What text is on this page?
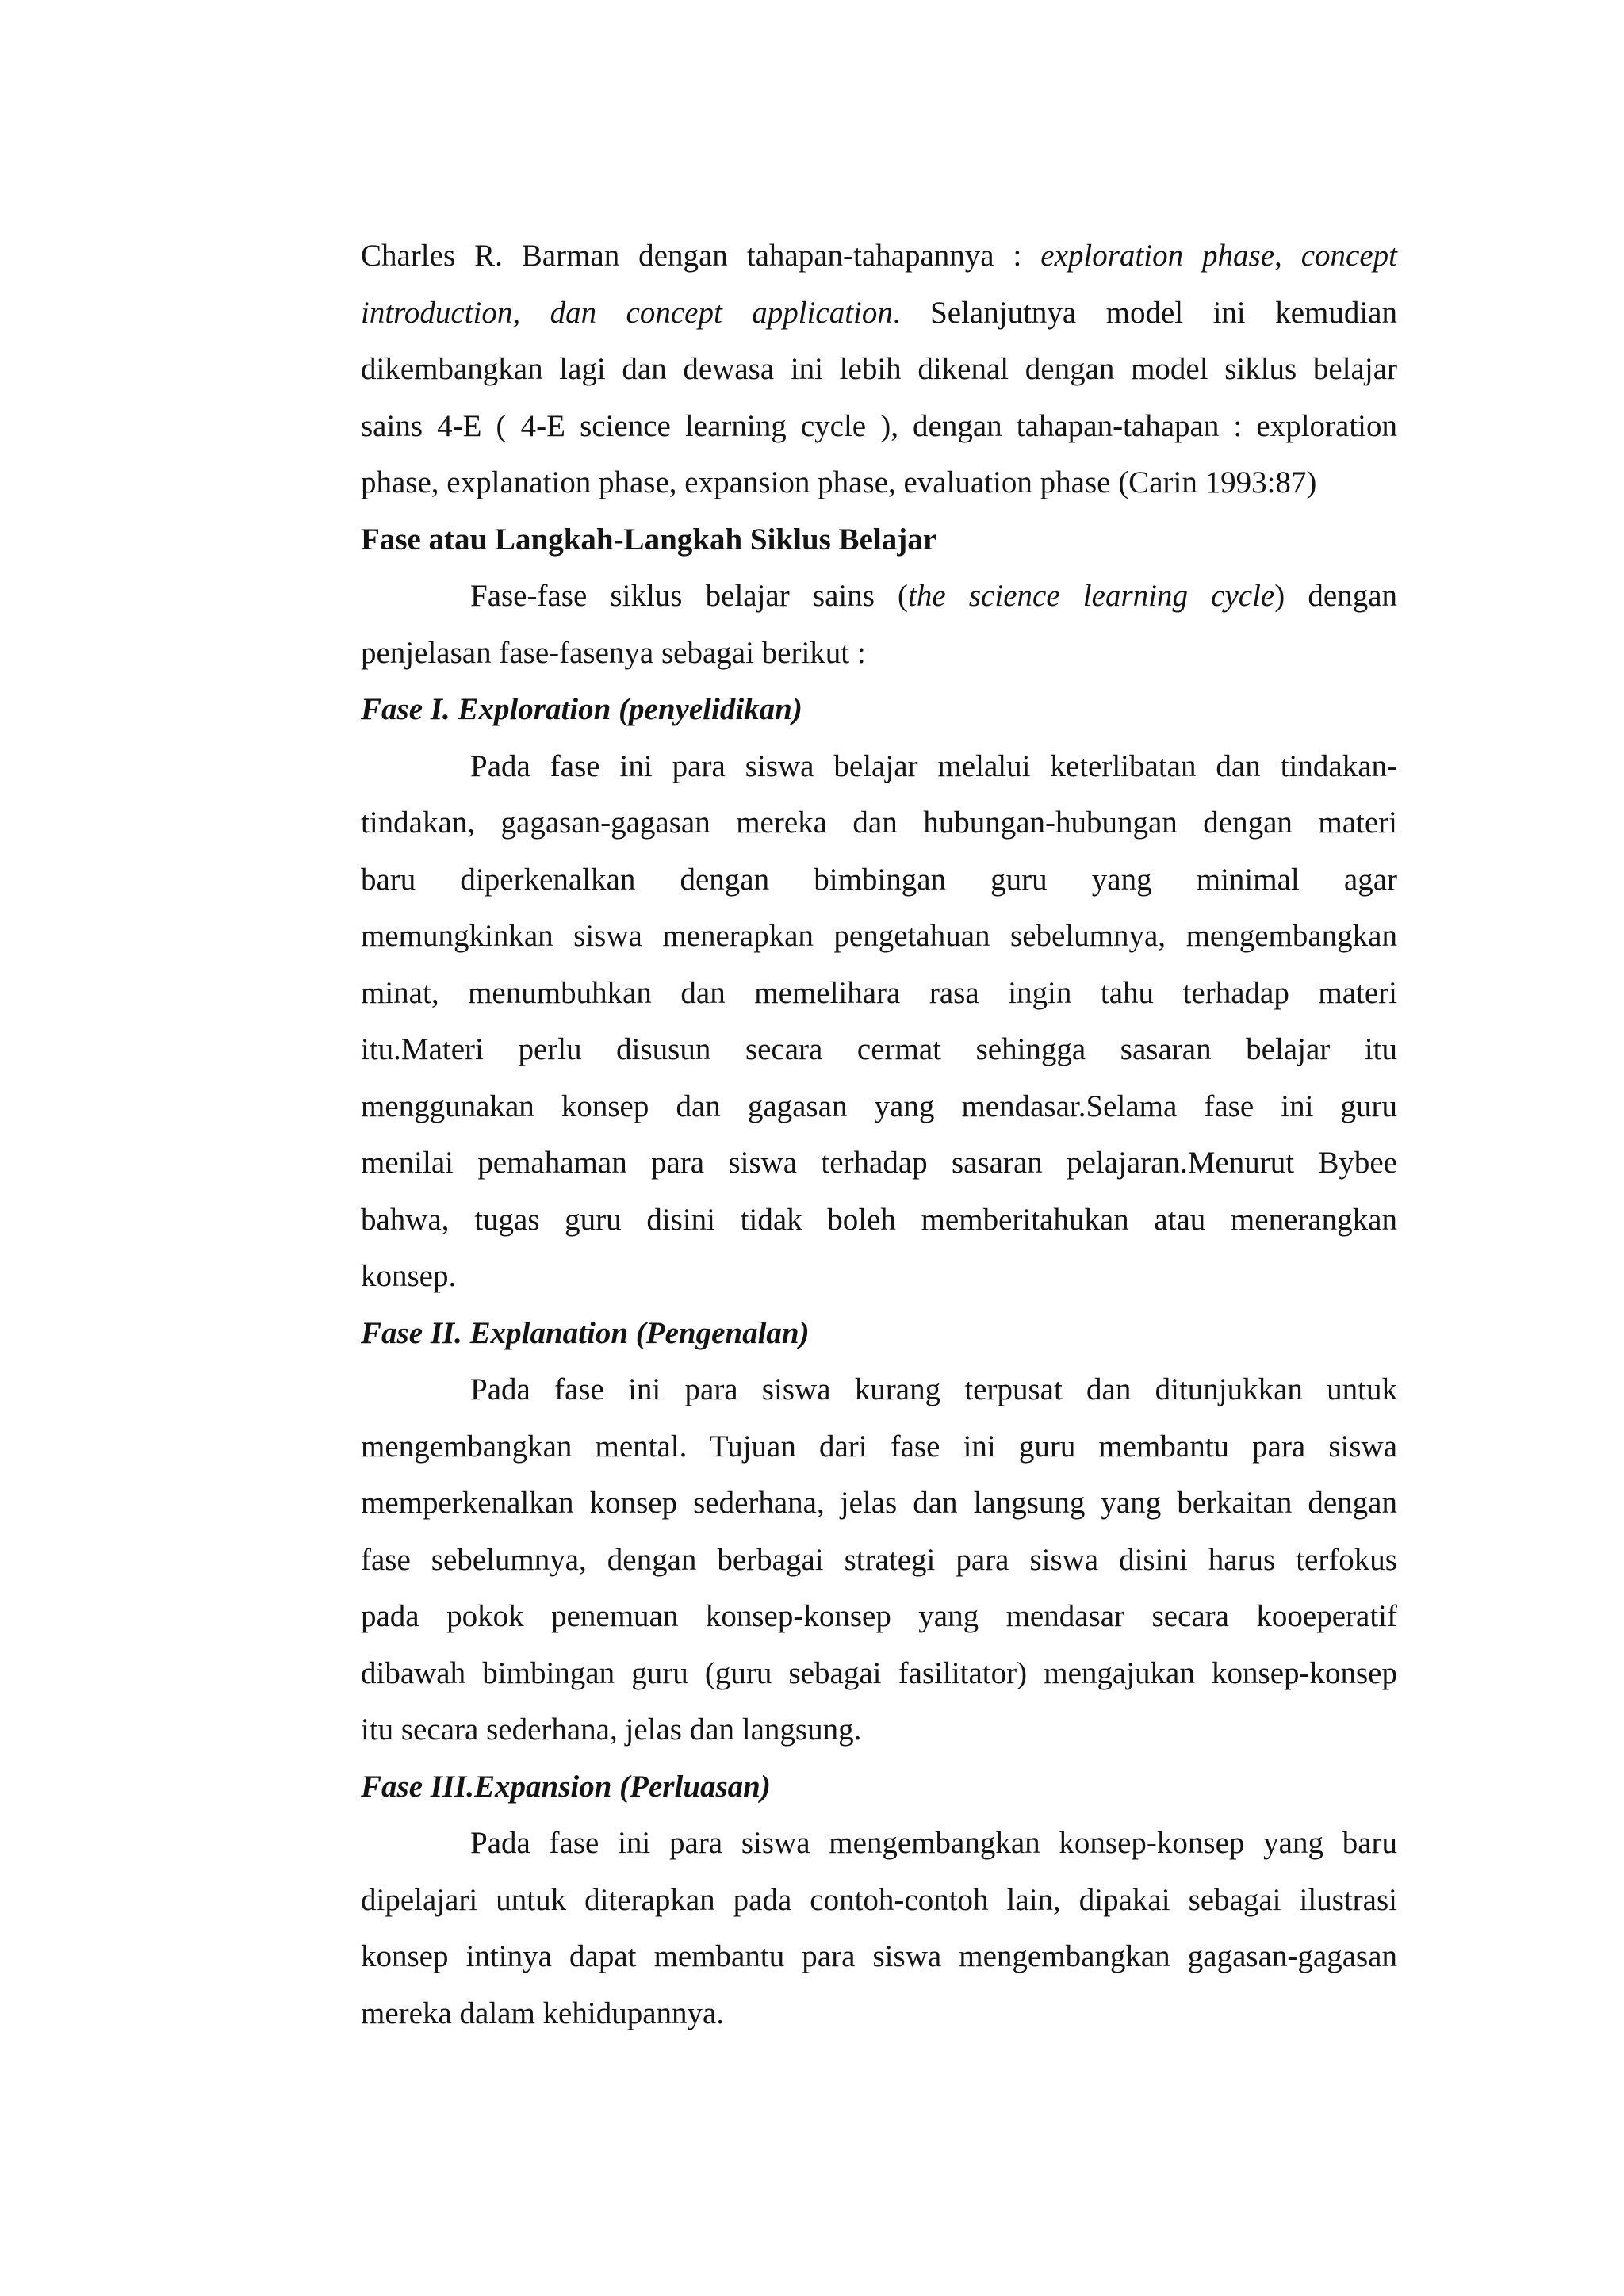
Charles R. Barman dengan tahapan-tahapannya : exploration phase, concept

introduction, dan concept application. Selanjutnya model ini kemudian

dikembangkan lagi dan dewasa ini lebih dikenal dengan model siklus belajar

sains 4-E ( 4-E science learning cycle ), dengan tahapan-tahapan : exploration

phase, explanation phase, expansion phase, evaluation phase (Carin 1993:87)

Fase atau Langkah-Langkah Siklus Belajar

Fase-fase siklus belajar sains (the science learning cycle) dengan

penjelasan fase-fasenya sebagai berikut :

Fase I. Exploration (penyelidikan)

Pada fase ini para siswa belajar melalui keterlibatan dan tindakan-

tindakan, gagasan-gagasan mereka dan hubungan-hubungan dengan materi

baru diperkenalkan dengan bimbingan guru yang minimal agar

memungkinkan siswa menerapkan pengetahuan sebelumnya, mengembangkan

minat, menumbuhkan dan memelihara rasa ingin tahu terhadap materi

itu.Materi perlu disusun secara cermat sehingga sasaran belajar itu

menggunakan konsep dan gagasan yang mendasar.Selama fase ini guru

menilai pemahaman para siswa terhadap sasaran pelajaran.Menurut Bybee

bahwa, tugas guru disini tidak boleh memberitahukan atau menerangkan

konsep.

Fase II. Explanation (Pengenalan)

Pada fase ini para siswa kurang terpusat dan ditunjukkan untuk

mengembangkan mental. Tujuan dari fase ini guru membantu para siswa

memperkenalkan konsep sederhana, jelas dan langsung yang berkaitan dengan

fase sebelumnya, dengan berbagai strategi para siswa disini harus terfokus

pada pokok penemuan konsep-konsep yang mendasar secara kooeperatif

dibawah bimbingan guru (guru sebagai fasilitator) mengajukan konsep-konsep

itu secara sederhana, jelas dan langsung.

Fase III.Expansion (Perluasan)

Pada fase ini para siswa mengembangkan konsep-konsep yang baru

dipelajari untuk diterapkan pada contoh-contoh lain, dipakai sebagai ilustrasi

konsep intinya dapat membantu para siswa mengembangkan gagasan-gagasan

mereka dalam kehidupannya.
